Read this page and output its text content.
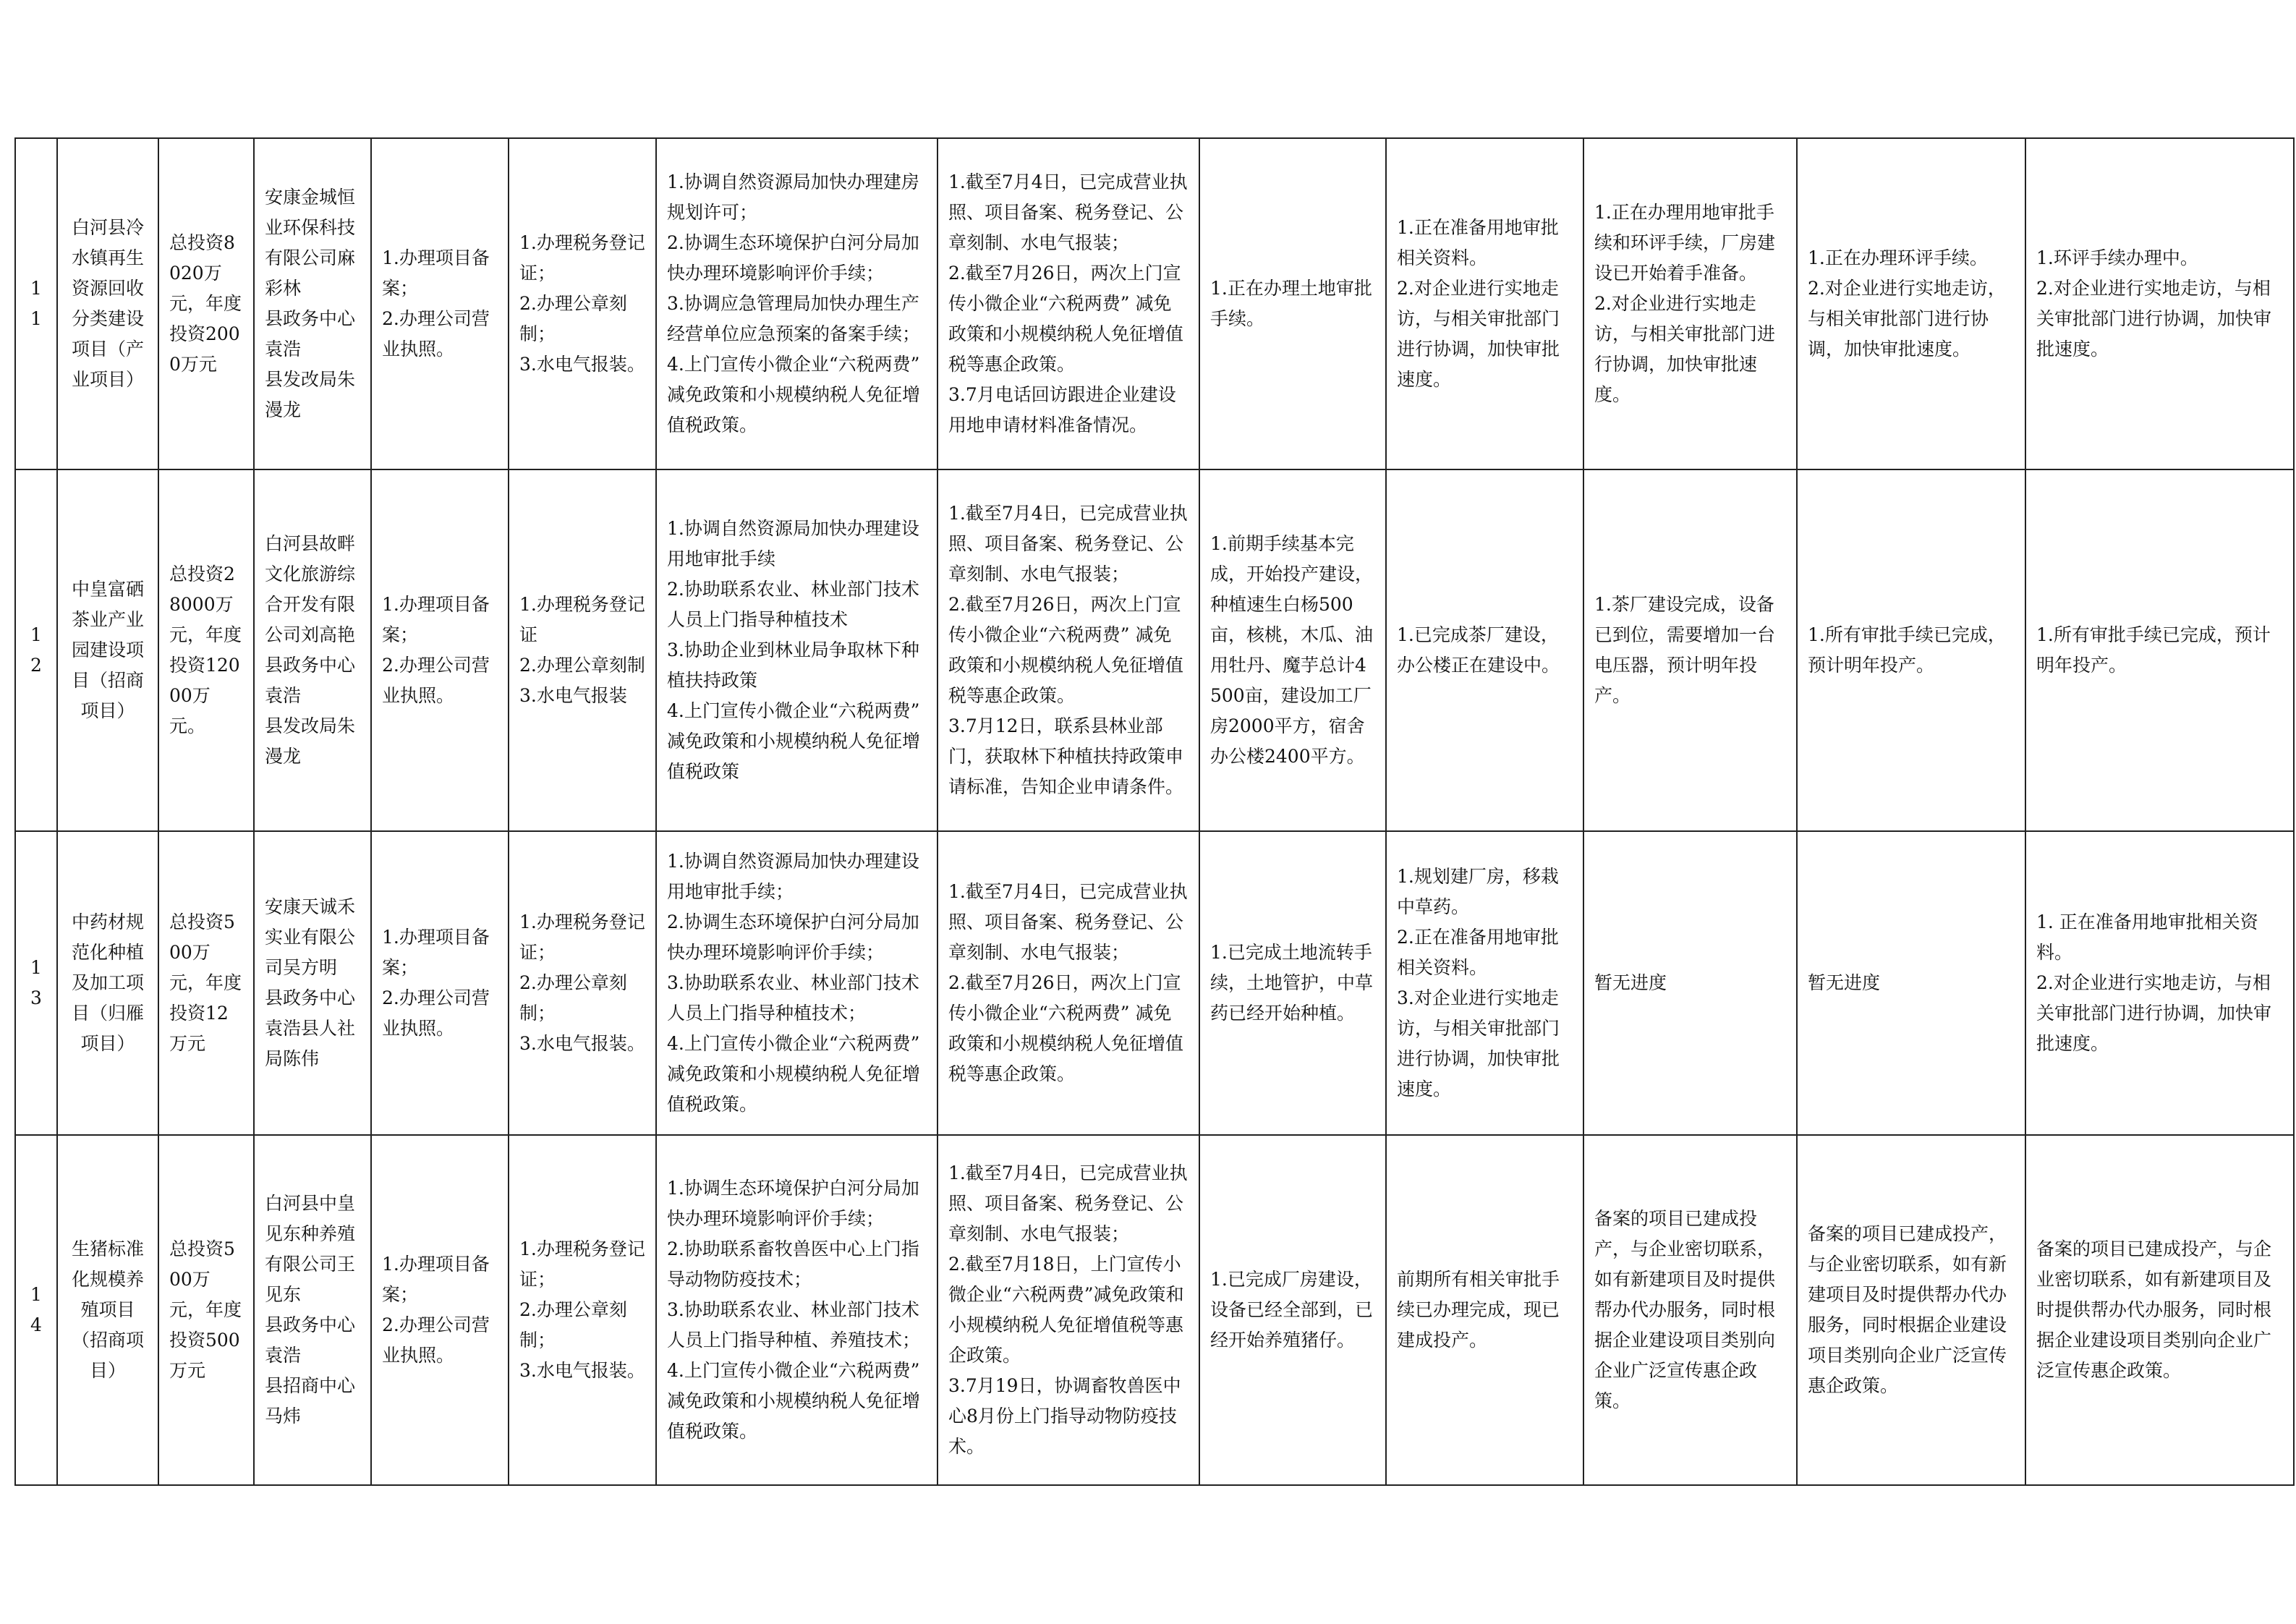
11	白河县冷水镇再生资源回收分类建设项目（产业项目）	总投资8020万元，年度投资2000万元	安康金城恒业环保科技有限公司麻彩林
县政务中心袁浩
县发改局朱漫龙	1.办理项目备案；
2.办理公司营业执照。	1.办理税务登记证；
2.办理公章刻制；
3.水电气报装。	1.协调自然资源局加快办理建房规划许可；
2.协调生态环境保护白河分局加快办理环境影响评价手续；
3.协调应急管理局加快办理生产经营单位应急预案的备案手续；
4.上门宣传小微企业“六税两费” 减免政策和小规模纳税人免征增值税政策。	1.截至7月4日，已完成营业执照、项目备案、税务登记、公章刻制、水电气报装；
2.截至7月26日，两次上门宣传小微企业“六税两费” 减免政策和小规模纳税人免征增值税等惠企政策。
3.7月电话回访跟进企业建设用地申请材料准备情况。	1.正在办理土地审批手续。	1.正在准备用地审批相关资料。
2.对企业进行实地走访，与相关审批部门进行协调，加快审批速度。	1.正在办理用地审批手续和环评手续，厂房建设已开始着手准备。
2.对企业进行实地走访，与相关审批部门进行协调，加快审批速度。	1.正在办理环评手续。
2.对企业进行实地走访，与相关审批部门进行协调，加快审批速度。	1.环评手续办理中。
2.对企业进行实地走访，与相关审批部门进行协调，加快审批速度。

12	中皇富硒茶业产业园建设项目（招商项目）	总投资28000万元，年度投资12000万元。	白河县故畔文化旅游综合开发有限公司刘高艳
县政务中心袁浩
县发改局朱漫龙	1.办理项目备案；
2.办理公司营业执照。	1.办理税务登记证
2.办理公章刻制
3.水电气报装	1.协调自然资源局加快办理建设用地审批手续
2.协助联系农业、林业部门技术人员上门指导种植技术
3.协助企业到林业局争取林下种植扶持政策
4.上门宣传小微企业“六税两费” 减免政策和小规模纳税人免征增值税政策	1.截至7月4日，已完成营业执照、项目备案、税务登记、公章刻制、水电气报装；
2.截至7月26日，两次上门宣传小微企业“六税两费” 减免政策和小规模纳税人免征增值税等惠企政策。
3.7月12日，联系县林业部门，获取林下种植扶持政策申请标准，告知企业申请条件。	1.前期手续基本完成，开始投产建设，种植速生白杨500亩，核桃，木瓜、油用牡丹、魔芋总计4500亩，建设加工厂房2000平方，宿舍办公楼2400平方。	1.已完成茶厂建设，办公楼正在建设中。	1.茶厂建设完成，设备已到位，需要增加一台电压器，预计明年投产。	1.所有审批手续已完成，预计明年投产。	1.所有审批手续已完成，预计明年投产。
13	中药材规范化种植及加工项目（归雁项目）	总投资500万元，年度投资12万元	安康天诚禾实业有限公司吴方明
县政务中心袁浩县人社局陈伟	1.办理项目备案；
2.办理公司营业执照。	1.办理税务登记证；
2.办理公章刻制；
3.水电气报装。	1.协调自然资源局加快办理建设用地审批手续；
2.协调生态环境保护白河分局加快办理环境影响评价手续；
3.协助联系农业、林业部门技术人员上门指导种植技术；
4.上门宣传小微企业“六税两费” 减免政策和小规模纳税人免征增值税政策。	1.截至7月4日，已完成营业执照、项目备案、税务登记、公章刻制、水电气报装；
2.截至7月26日，两次上门宣传小微企业“六税两费” 减免政策和小规模纳税人免征增值税等惠企政策。	1.已完成土地流转手续，土地管护，中草药已经开始种植。	1.规划建厂房，移栽中草药。
2.正在准备用地审批相关资料。
3.对企业进行实地走访，与相关审批部门进行协调，加快审批速度。	暂无进度	暂无进度	1. 正在准备用地审批相关资料。
2.对企业进行实地走访，与相关审批部门进行协调，加快审批速度。

14	生猪标准化规模养殖项目（招商项目）	总投资500万元，年度投资500万元	白河县中皇见东种养殖有限公司王见东
县政务中心袁浩
县招商中心马炜	1.办理项目备案；
2.办理公司营业执照。	1.办理税务登记证；
2.办理公章刻制；
3.水电气报装。	1.协调生态环境保护白河分局加快办理环境影响评价手续；
2.协助联系畜牧兽医中心上门指导动物防疫技术；
3.协助联系农业、林业部门技术人员上门指导种植、养殖技术；
4.上门宣传小微企业“六税两费” 减免政策和小规模纳税人免征增值税政策。	1.截至7月4日，已完成营业执照、项目备案、税务登记、公章刻制、水电气报装；
2.截至7月18日，上门宣传小微企业“六税两费”减免政策和小规模纳税人免征增值税等惠企政策。
3.7月19日，协调畜牧兽医中心8月份上门指导动物防疫技术。	1.已完成厂房建设，设备已经全部到，已经开始养殖猪仔。	前期所有相关审批手续已办理完成，现已建成投产。	备案的项目已建成投产，与企业密切联系，如有新建项目及时提供帮办代办服务，同时根据企业建设项目类别向企业广泛宣传惠企政策。	备案的项目已建成投产，与企业密切联系，如有新建项目及时提供帮办代办服务，同时根据企业建设项目类别向企业广泛宣传惠企政策。	备案的项目已建成投产，与企业密切联系，如有新建项目及时提供帮办代办服务，同时根据企业建设项目类别向企业广泛宣传惠企政策。
